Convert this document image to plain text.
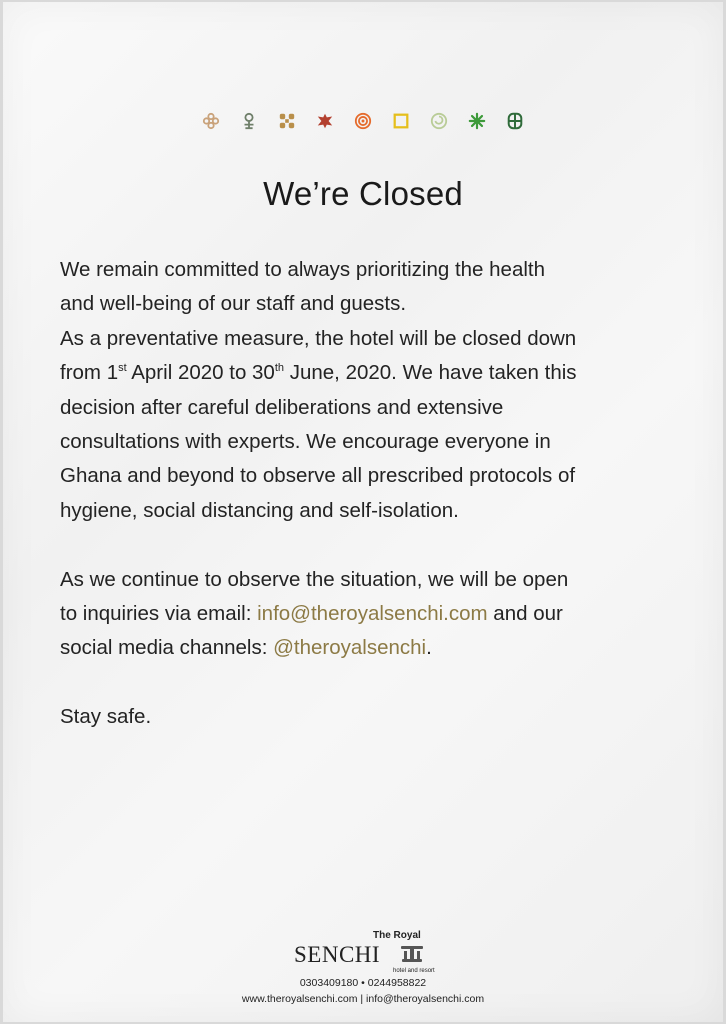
We’re Closed

We remain committed to always prioritizing the health
and well-being of our staff and guests.
As a preventative measure, the hotel will be closed down
from 1st April 2020 to 30th June, 2020. We have taken this
decision after careful deliberations and extensive
consultations with experts. We encourage everyone in
Ghana and beyond to observe all prescribed protocols of
hygiene, social distancing and self-isolation.

As we continue to observe the situation, we will be open
to inquiries via email: info@theroyalsenchi.com and our
social media channels: @theroyalsenchi.

Stay safe.

The Royal
SENCHI
hotel and resort
0303409180 • 0244958822
www.theroyalsenchi.com | info@theroyalsenchi.com
